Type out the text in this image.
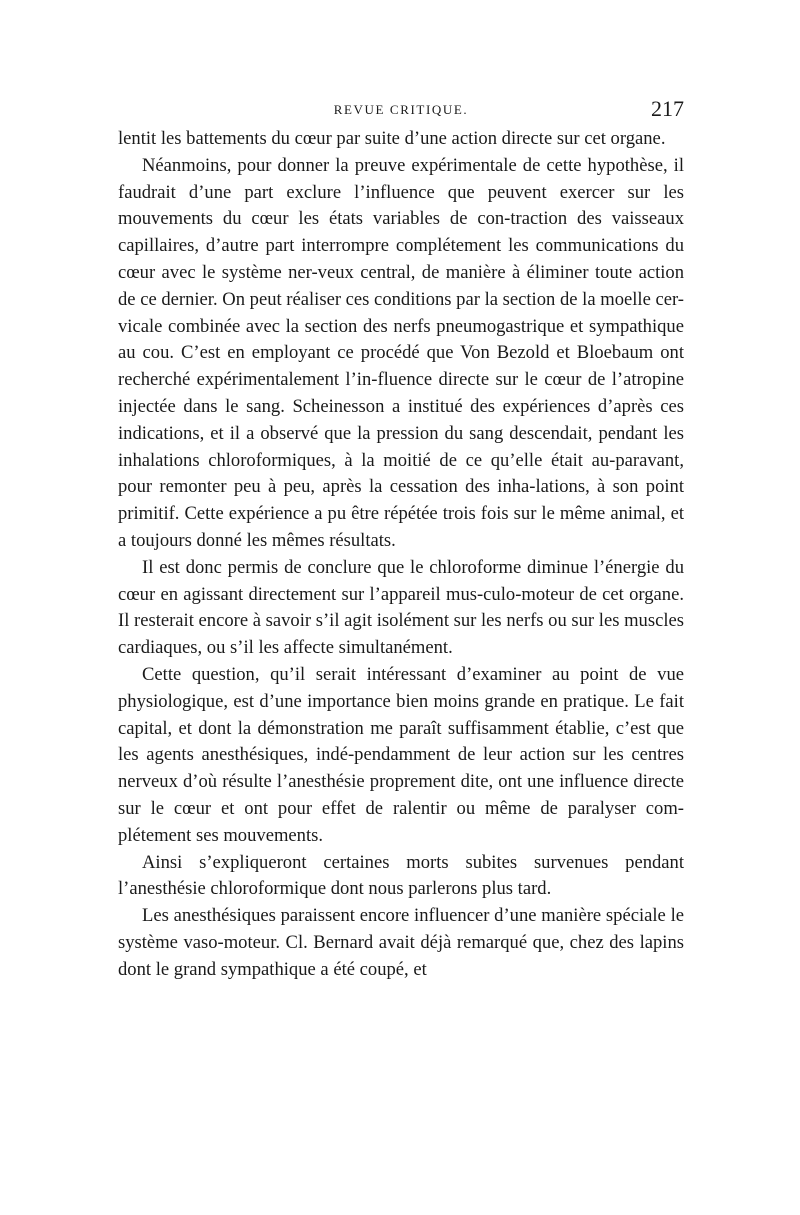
REVUE CRITIQUE.	217

lentit les battements du cœur par suite d’une action directe sur cet organe.

Néanmoins, pour donner la preuve expérimentale de cette hypothèse, il faudrait d’une part exclure l’influence que peuvent exercer sur les mouvements du cœur les états variables de con-traction des vaisseaux capillaires, d’autre part interrompre complétement les communications du cœur avec le système ner-veux central, de manière à éliminer toute action de ce dernier. On peut réaliser ces conditions par la section de la moelle cer-vicale combinée avec la section des nerfs pneumogastrique et sympathique au cou. C’est en employant ce procédé que Von Bezold et Bloebaum ont recherché expérimentalement l’in-fluence directe sur le cœur de l’atropine injectée dans le sang. Scheinesson a institué des expériences d’après ces indications, et il a observé que la pression du sang descendait, pendant les inhalations chloroformiques, à la moitié de ce qu’elle était au-paravant, pour remonter peu à peu, après la cessation des inha-lations, à son point primitif. Cette expérience a pu être répétée trois fois sur le même animal, et a toujours donné les mêmes résultats.

Il est donc permis de conclure que le chloroforme diminue l’énergie du cœur en agissant directement sur l’appareil mus-culo-moteur de cet organe. Il resterait encore à savoir s’il agit isolément sur les nerfs ou sur les muscles cardiaques, ou s’il les affecte simultanément.

Cette question, qu’il serait intéressant d’examiner au point de vue physiologique, est d’une importance bien moins grande en pratique. Le fait capital, et dont la démonstration me paraît suffisamment établie, c’est que les agents anesthésiques, indé-pendamment de leur action sur les centres nerveux d’où résulte l’anesthésie proprement dite, ont une influence directe sur le cœur et ont pour effet de ralentir ou même de paralyser com-plétement ses mouvements.

Ainsi s’expliqueront certaines morts subites survenues pendant l’anesthésie chloroformique dont nous parlerons plus tard.

Les anesthésiques paraissent encore influencer d’une manière spéciale le système vaso-moteur. Cl. Bernard avait déjà remarqué que, chez des lapins dont le grand sympathique a été coupé, et
